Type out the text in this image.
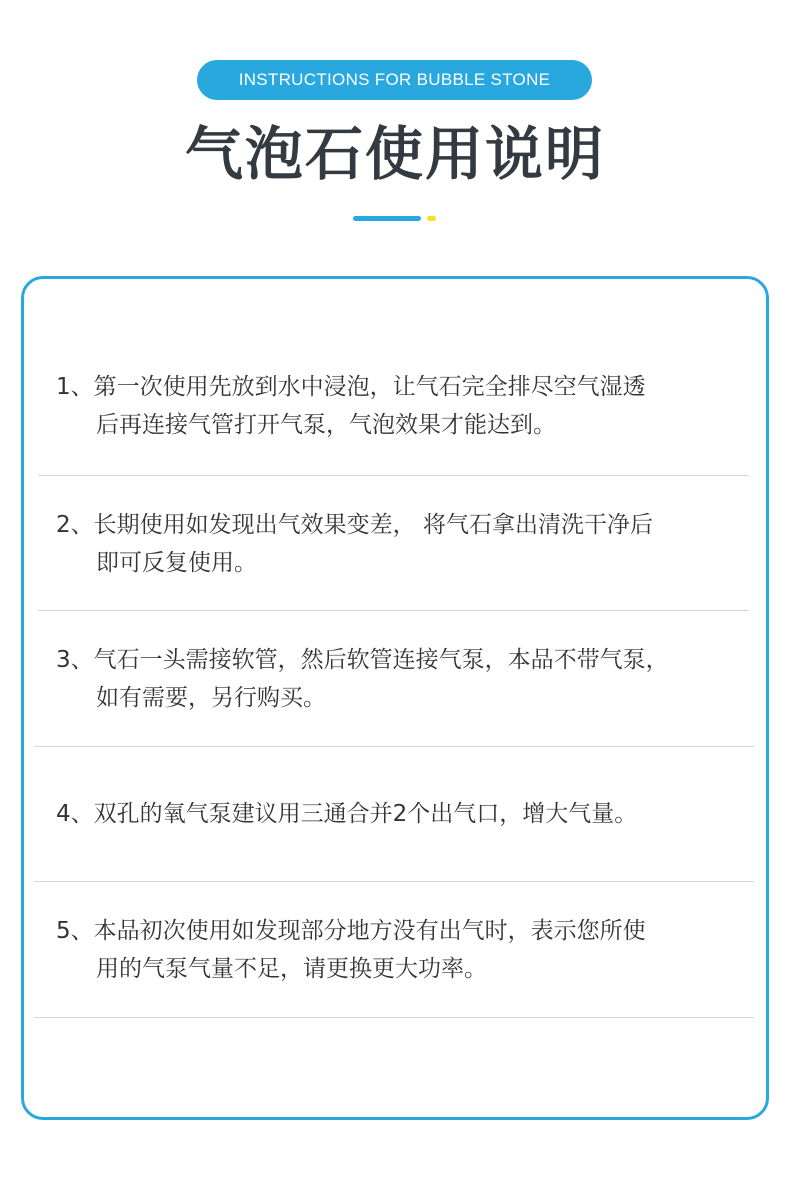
INSTRUCTIONS FOR BUBBLE STONE
气泡石使用说明
1、第一次使用先放到水中浸泡，让气石完全排尽空气湿透
后再连接气管打开气泵，气泡效果才能达到。
2、长期使用如发现出气效果变差， 将气石拿出清洗干净后
即可反复使用。
3、气石一头需接软管，然后软管连接气泵，本品不带气泵，
如有需要，另行购买。
4、双孔的氧气泵建议用三通合并2个出气口，增大气量。
5、本品初次使用如发现部分地方没有出气时，表示您所使
用的气泵气量不足，请更换更大功率。
